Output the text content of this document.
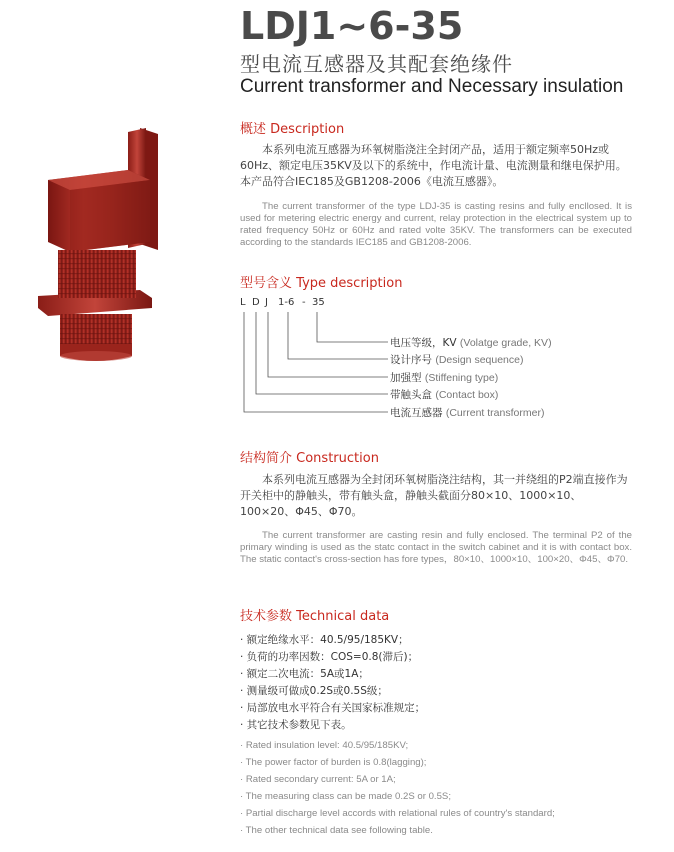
LDJ1~6-35
型电流互感器及其配套绝缘件
Current transformer and Necessary insulation
概述 Description
本系列电流互感器为环氧树脂浇注全封闭产品，适用于额定频率50Hz或60Hz、额定电压35KV及以下的系统中，作电流计量、电流测量和继电保护用。本产品符合IEC185及GB1208-2006《电流互感器》。
The current transformer of the type LDJ-35 is casting resins and fully encllosed. It is used for metering electric energy and current, relay protection in the electrical system up to rated frequency 50Hz or 60Hz and rated volte 35KV. The transformers can be executed according to the standards IEC185 and GB1208-2006.
型号含义 Type description
L D J 1-6 - 35
电压等级，KV (Volatge grade, KV)
设计序号 (Design sequence)
加强型 (Stiffening type)
带触头盒 (Contact box)
电流互感器 (Current transformer)
结构简介 Construction
本系列电流互感器为全封闭环氧树脂浇注结构，其一并绕组的P2端直接作为开关柜中的静触头，带有触头盒，静触头截面分80×10、1000×10、100×20、Φ45、Φ70。
The current transformer are casting resin and fully enclosed. The terminal P2 of the primary winding is used as the statc contact in the switch cabinet and it is with contact box. The static contact's cross-section has fore types，80×10、1000×10、100×20、Φ45、Φ70.
技术参数 Technical data
· 额定绝缘水平：40.5/95/185KV；
· 负荷的功率因数：COS=0.8(滞后)；
· 额定二次电流：5A或1A；
· 测量级可做成0.2S或0.5S级；
· 局部放电水平符合有关国家标准规定；
· 其它技术参数见下表。
· Rated insulation level: 40.5/95/185KV;
· The power factor of burden is 0.8(lagging);
· Rated secondary current: 5A or 1A;
· The measuring class can be made 0.2S or 0.5S;
· Partial discharge level accords with relational rules of country's standard;
· The other technical data see following table.
